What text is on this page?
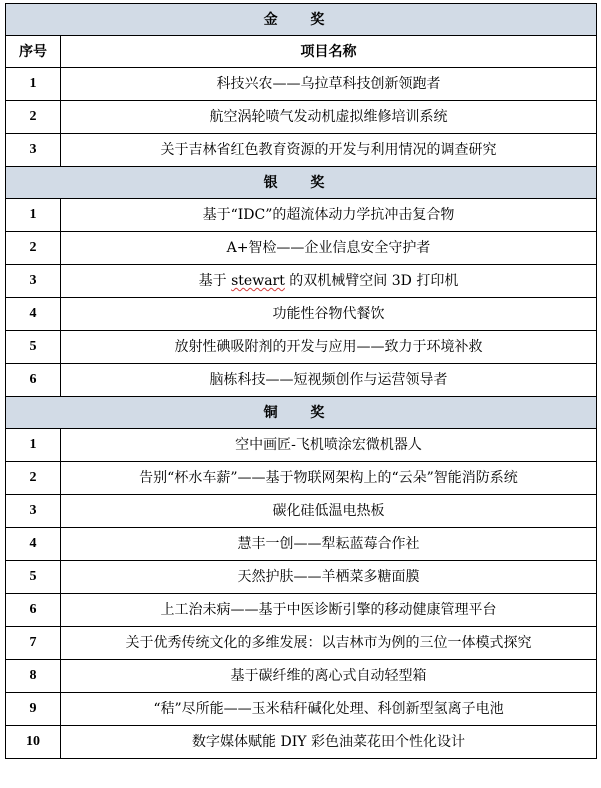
金 奖	
序号	项目名称
1	科技兴农——乌拉草科技创新领跑者
2	航空涡轮喷气发动机虚拟维修培训系统
3	关于吉林省红色教育资源的开发与利用情况的调查研究
银 奖	
1	基于“IDC”的超流体动力学抗冲击复合物
2	A+智检——企业信息安全守护者
3	基于 stewart 的双机械臂空间 3D 打印机
4	功能性谷物代餐饮
5	放射性碘吸附剂的开发与应用——致力于环境补救
6	脑栋科技——短视频创作与运营领导者
铜 奖	
1	空中画匠-飞机喷涂宏微机器人
2	告别“杯水车薪”——基于物联网架构上的“云朵”智能消防系统
3	碳化硅低温电热板
4	慧丰一创——犁耘蓝莓合作社
5	天然护肤——羊栖菜多糖面膜
6	上工治未病——基于中医诊断引擎的移动健康管理平台
7	关于优秀传统文化的多维发展：以吉林市为例的三位一体模式探究
8	基于碳纤维的离心式自动轻型箱
9	“秸”尽所能——玉米秸秆碱化处理、科创新型氢离子电池
10	数字媒体赋能 DIY 彩色油菜花田个性化设计
